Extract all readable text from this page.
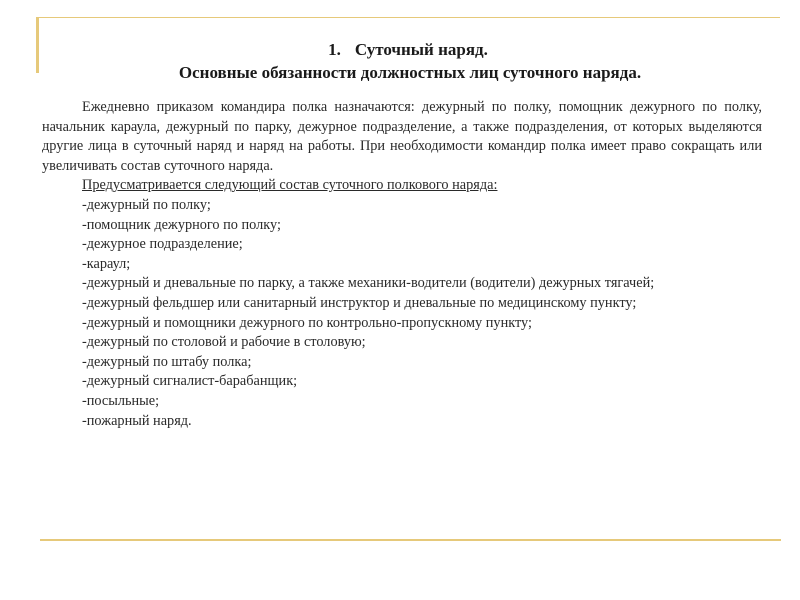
1. Суточный наряд.
Основные обязанности должностных лиц суточного наряда.

Ежедневно приказом командира полка назначаются: дежурный по полку, помощник дежурного по полку, начальник караула, дежурный по парку, дежурное подразделение, а также подразделения, от которых выделяются другие лица в суточный наряд и наряд на работы. При необходимости командир полка имеет право сокращать или увеличивать состав суточного наряда.

Предусматривается следующий состав суточного полкового наряда:

-дежурный по полку;
-помощник дежурного по полку;
-дежурное подразделение;
-караул;
-дежурный и дневальные по парку, а также механики-водители (водители) дежурных тягачей;
-дежурный фельдшер или санитарный инструктор и дневальные по медицинскому пункту;
-дежурный и помощники дежурного по контрольно-пропускному пункту;
-дежурный по столовой и рабочие в столовую;
-дежурный по штабу полка;
-дежурный сигналист-барабанщик;
-посыльные;
-пожарный наряд.
